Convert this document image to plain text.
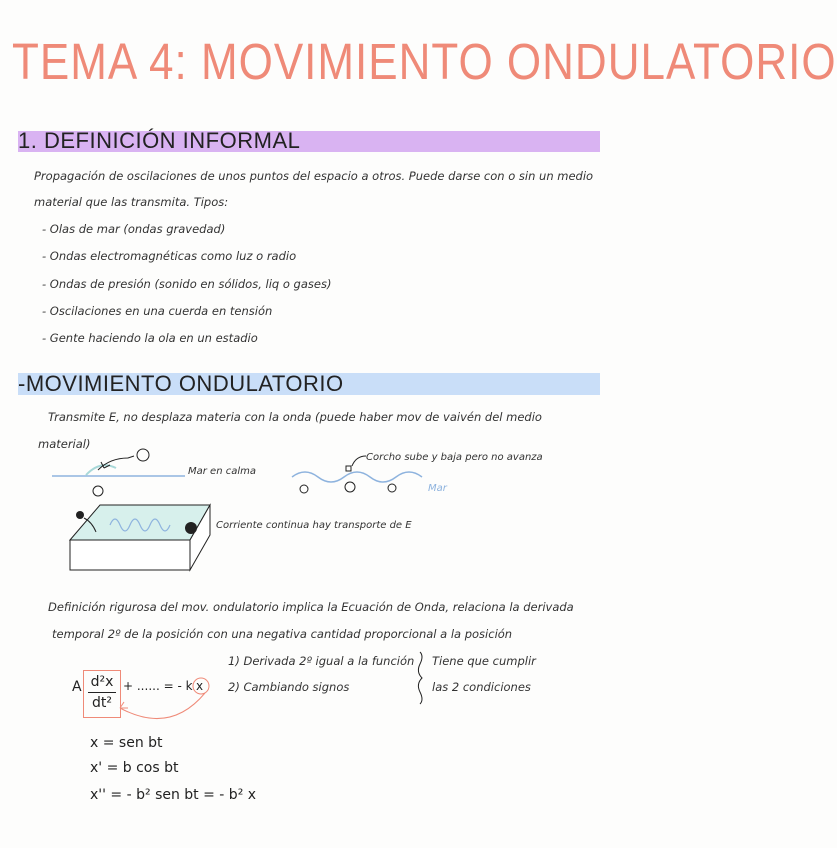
TEMA 4: MOVIMIENTO ONDULATORIO
1. DEFINICIÓN INFORMAL
Propagación de oscilaciones de unos puntos del espacio a otros. Puede darse con o sin un medio
material que las transmita. Tipos:
- Olas de mar (ondas gravedad)
- Ondas electromagnéticas como luz o radio
- Ondas de presión (sonido en sólidos, liq o gases)
- Oscilaciones en una cuerda en tensión
- Gente haciendo la ola en un estadio
-MOVIMIENTO ONDULATORIO
Transmite E, no desplaza materia con la onda (puede haber mov de vaivén del medio
material)
Mar en calma
Corcho sube y baja pero no avanza
Mar
Corriente continua hay transporte de E
Definición rigurosa del mov. ondulatorio implica la Ecuación de Onda, relaciona la derivada
temporal 2º de la posición con una negativa cantidad proporcional a la posición
1) Derivada 2º igual a la función
2) Cambiando signos
Tiene que cumplir
las 2 condiciones
A d²x
dt²
+ ...... = - k x
x = sen bt
x' = b cos bt
x'' = - b² sen bt = - b² x
